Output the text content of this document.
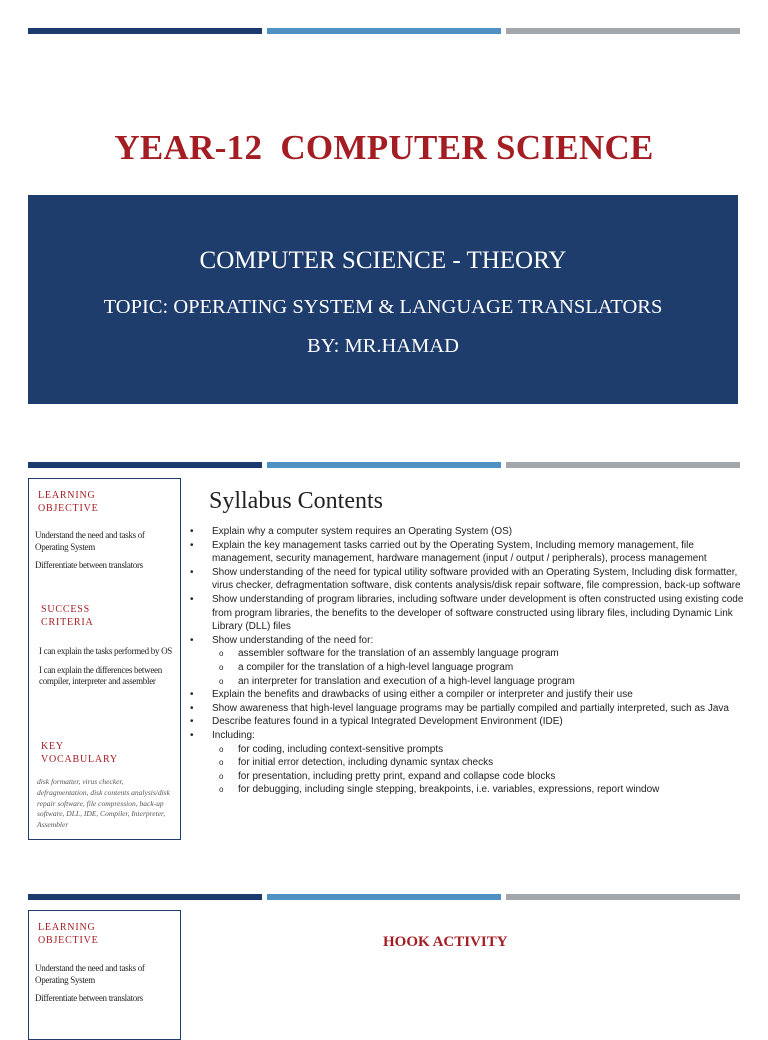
YEAR-12  COMPUTER SCIENCE
COMPUTER SCIENCE - THEORY
TOPIC: OPERATING SYSTEM & LANGUAGE TRANSLATORS
BY: MR.HAMAD
LEARNING
OBJECTIVE

Understand the need and tasks of Operating System

Differentiate between translators

SUCCESS
CRITERIA

I can explain the tasks performed by OS

I can explain the differences between compiler, interpreter and assembler

KEY
VOCABULARY
disk formatter, virus checker, defragmentation, disk contents analysis/disk repair software, file compression, back-up software, DLL, IDE, Compiler, Interpreter, Assembler
Syllabus Contents
• Explain why a computer system requires an Operating System (OS)
• Explain the key management tasks carried out by the Operating System, Including memory management, file management, security management, hardware management (input / output / peripherals), process management
• Show understanding of the need for typical utility software provided with an Operating System, Including disk formatter, virus checker, defragmentation software, disk contents analysis/disk repair software, file compression, back-up software
• Show understanding of program libraries, including software under development is often constructed using existing code from program libraries, the benefits to the developer of software constructed using library files, including Dynamic Link Library (DLL) files
• Show understanding of the need for:
o assembler software for the translation of an assembly language program
o a compiler for the translation of a high-level language program
o an interpreter for translation and execution of a high-level language program
• Explain the benefits and drawbacks of using either a compiler or interpreter and justify their use
• Show awareness that high-level language programs may be partially compiled and partially interpreted, such as Java
• Describe features found in a typical Integrated Development Environment (IDE)
• Including:
o for coding, including context-sensitive prompts
o for initial error detection, including dynamic syntax checks
o for presentation, including pretty print, expand and collapse code blocks
o for debugging, including single stepping, breakpoints, i.e. variables, expressions, report window
LEARNING
OBJECTIVE

Understand the need and tasks of Operating System

Differentiate between translators

HOOK ACTIVITY
